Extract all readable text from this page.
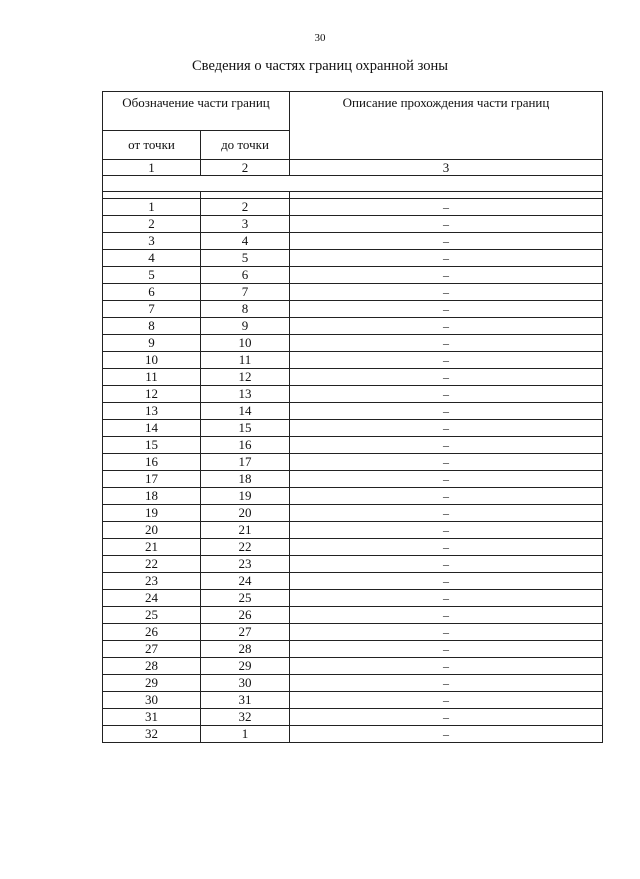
30
Сведения о частях границ охранной зоны
Обозначение части границ		Описание прохождения части границ
от точки	до точки	
1	2	3

1	2	–
2	3	–
3	4	–
4	5	–
5	6	–
6	7	–
7	8	–
8	9	–
9	10	–
10	11	–
11	12	–
12	13	–
13	14	–
14	15	–
15	16	–
16	17	–
17	18	–
18	19	–
19	20	–
20	21	–
21	22	–
22	23	–
23	24	–
24	25	–
25	26	–
26	27	–
27	28	–
28	29	–
29	30	–
30	31	–
31	32	–
32	1	–
